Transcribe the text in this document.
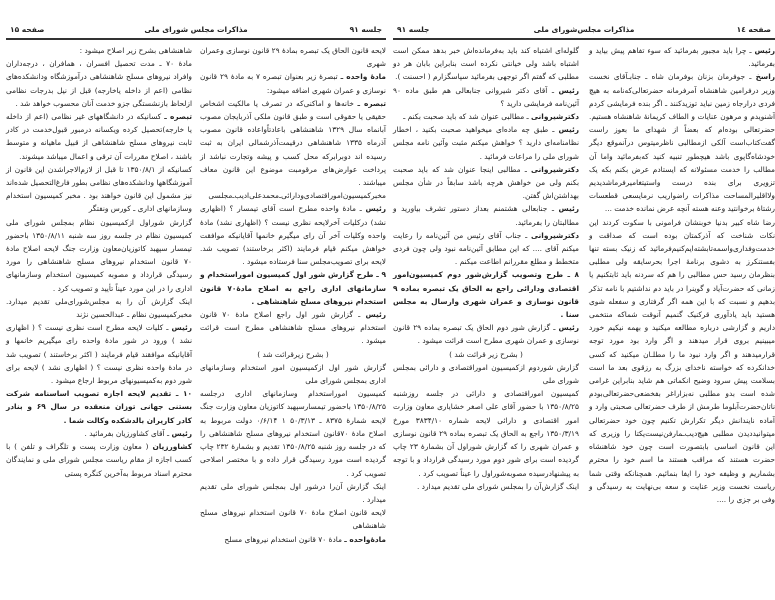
صفحه ۱٤
مذاکرات مجلس‌شورای ملی
جلسه ۹۱

رئیس ـ چرا باید مجبور بفرمائید که سوء تفاهم پیش بیاید و بفرمائید.

راسخ ـ جوفرمان بزنان بوفرمان شاه ـ جنابـآقای نخست وزیر درفرامین شاهنشاه آمرفرمانه حضرتعالی‌که‌نامه به هیچ فردی درارجاه زمین نباید توزیدکنند ـ اگر بنده فرمایشی کردم آشنویدم و مرهون عنایات و الطاف کریمانهٔ شاهنشاه هستیم. حضرتعالی بوده‌ام که بعضاً از شهدای ما بعوز راست گفت‌کتاب‌است آلکی ازمطالبی ناظرمیتوس درآنموقع دیگر خودشاه‌گاپوی باشد هیچطور تنبیه کنید که‌بفرمائید واما آن مطالب را خدمت مسئولانه که ایستادم عرض بکنم بکه یک تزویری برای بنده درست واستیتغامیرفرماشدیدیم ولااقلیرالمساحت مذاکرات راضواریب نرمایسعی قطعسات رشتاهٔ برخوانتید وعنه هسته آنچه عرض نمانده خدمت ...

رضا شاه کبیر بدنیا خوبنشان فرامونی با سکوت کردند این نکات شناخت که آذرکمتان بوده است که صداقت و خدمت‌وفداری‌واسمه‌تابشته‌ایم‌کنیم‌فرمائید که زنیک بسته تنها بفستنکرز به دشوی برنامهٔ اجرا بحرسایقه ولی مطلبی بنظرمان رسید حس مطالبی را هم که سردنه باید ثابتکنیم یا زمانی که حضرت‌آیاد و گوینرا در باید دم نداشتیم با نامه تذکر بدهیم و نسبت که با این همه اگر گرفتاری و سفعله شوی هستید باید یادآوری قرکنیک گنمیم آنوقت شماکه منتخمی داریم و گزارشی درباره مطالعه میکنید و بهمه نیکیم خورد میبینیم بروی قرار میدهند و اگر وارد بود مورد توجه قرار‌میدهند و اگر وارد نبود ما را مطلـان میکنید که کسی خدانکرده که خواسته ناخدای بزرگ به رزقوی بعد ما است بسلامت‌ پیش سرود وضیح انکماتی هم شاید بنابراین غرامی شده است بدو مطلبی نه‌بزاراغر بفخضعی‌حضرتعالی‌بودم ناتان‌حضرت‌آبلوما طرمش از طرف حضرتعالی صحبتی وارد و آماده نایندانش دیگر تکرارش تکنیم چون خود حضرتعالی میتوانیددیدن مطلبی هیچ‌دیب‌ـمارفن‌نیست‌یکتا را وزیری که این قانون اساسی بابتصورت است چون خود شاهنشاه حضرت هستند که مراقب هستند ما اسم خود را محترم بشماریم و وظیفه خود را ایفا بنمائیم. همچنانکه وقتی شما ریاست نخست وزیر عنایت و سعه بی‌نهایت به رسیدگی و وفی بر جزی را ....

گلوله‌ای اشتباه کند باید به‌فرمانده‌اش خبر بدهد ممکن است اشتباه باشد ولی خیانتی نکرده است بنابراین بابان هر دو مطلبی که گفتم اگر توجهی بفرمائید سپاسگزارم ( احسنت ).

رئیس ـ آقای دکتر شیروانی جنابعالی هم طبق ماده ۹۰ آئین‌نامه فرمایشی دارید ؟

دکترشیروانی ـ مطالبی عنوان شد که باید صحبت بکنم ـ

رئیس ـ طبق چه ماده‌ای میخواهید صحبت بکنید ، اخطار نظامنامه‌ای دارید ؟ خواهش میکنم مثبت وآئین نامه مجلس شورای ملی را مراعات فرمائید .

دکترشیروانی ـ مطالبی اینجا عنوان شد که باید صحبت بکنم ولی من خواهش هرچه باشد سابقاً در شأن مجلس بهداشتن‌اش گفتن.

رئیس ـ جنابعالی هشتمنم بعداز دستور تشرف بیاورید و مطالبتان را بفرمائید.

دکترشیروانی ـ جناب آقای رئیس من آئین‌نامه را رعایت میکنم آقای .... که این مطابق آئین‌نامه نبود ولی چون فردی متخطط و مطلع مقررانم اطاعت میکنم .

۸ ـ طرح وتصویب گزارش‌شور دوم کمیسیون‌امور اقتصادی ودارائی راجع به الحاق یک تبصره بماده ۹ قانون نوسازی و عمران شهری وارسال به مجلس سنا .

رئیس ـ گزارش شور دوم الحاق یک تبصره بماده ۲۹ قانون نوسازی و عمران شهری مطرح است قرائت میشود .

( بشرح زیر قرائت شد )

گزارش شوردوم ازکمیسیون اموراقتصادی و دارائی بمجلس شورای ملی

کمیسیون اموراقتصادی و دارائی در جلسه روزشنبه ۱۳۵۰/۸/۲۵ با حضور آقای علی اصغر خشایاری معاون وزارت امور اقتصادی و دارائی لایحه شماره ۳۸۳۴/۱۰ مورخ ۱۳۵۰/۳/۱۹ راجع به الحاق یک تبصره بماده ۲۹ قانون نوسازی و عمران شهری را که گزارش شوراول آن بشمارهٔ ۲۳ چاپ گردیده است برای شور دوم مورد رسیدگی قرارداد و با توجه به پیشنهادرسیده مصوبه‌شوراول را عیناً تصویب کرد .

اینک گزارش‌آن را بمجلس شورای ملی تقدیم میدارد .

جلسه ۹۱
مذاکرات مجلس شورای ملی
صفحه ۱۵

لایحه قانون الحاق یک تبصره بمادهٔ ۲۹ قانون نوسازی وعمران شهری

مادهٔ واحده ـ تبصرهٔ زیر بعنوان تبصره ۷ به مادهٔ ۲۹ قانون نوسازی و عمران شهری اضافه میشود:

تبصره ـ خانه‌ها و اماکنی‌که در تصرف یا مالکیت اشخاص حقیقی یا حقوقی است و طبق قانون ملکی آذربایجان مصوب آبانماه سال ۱۳۲۹ شاهنشاهی باعادتاًواعاده قانون مصوب آذرماه ۱۳۳۵ شاهنشاهی درقیمت‌آذرشمالی ایران به ثبت رسیده اند دوبرابرکه محل کسب و پیشه وتجارت نباشد از پرداخت عوارض‌های مرقومبت موضوع این قانون معاف میباشند .

مخبرکمیسیون‌اموراقتصادی‌و‌دارائی‌ـ‌محمدعلی‌ادیب‌ـ‌مجلسی

رئیس ـ مادهٔ واحده مطرح است آقای تیمسار ؟ (اظهاری نشد) درکلیات آخرلایحه نظری نیست ؟ (اظهاری نشد) مادهٔ واحده وکلیات آخر آن رای میگیرم خانمها آقایانیکه موافقت خواهش میکنم قیام فرمایند (اکثر برخاستند) تصویب شد. لایحه برای تصویب‌مجلس سنا فرستاده میشود .

۹ ـ طرح گزارش شور اول کمیسیون اموراستخدام و سازمانهای اداری راجع به اصلاح مادهٔ‌۷۰ قانون استخدام نیروهای مسلح شاهنشاهی .

رئیس ـ گزارش شور اول راجع اصلاح مادهٔ ۷۰ قانون استخدام نیروهای مسلح شاهنشاهی مطرح است قرائت میشود .

( بشرح زیرقرائت شد )

گزارش شور اول ازکمیسیون امور استخدام وسازمانهای اداری بمجلس شورای ملی

کمیسیون اموراستخدام وسازمانهای اداری درجلسه ۱۳۵۰/۸/۲۵ باحضور تیمسارسپهبد کاتوزیان معاون وزارت جنگ لایحه شمارهٔ ۸۳۷۵ ـ ۵۰/۳/۱۳ ۱ ۰/۶/۱۴ دولت مربوط به اصلاح مادهٔ ۷۰‌قانون استخدام نیروهای مسلح شاهنشاهی را که در جلسه روز شنبه ۱۳۵۰/۸/۲۵ تقدیم و بشمارهٔ ۲۳۲ چاپ گردیده است مورد رسیدگی قرار داده و با مختصر اصلاحی تصویب کرد .

اینک گزارش آن‌را درشور اول بمجلس شورای ملی تقدیم میدارد .

لایحه قانون اصلاح مادهٔ ۷۰ قانون استخدام نیروهای مسلح شاهنشاهی

مادهٔ‌واحده ـ مادهٔ ۷۰ قانون استخدام نیروهای مسلح

شاهنشاهی بشرح زیر اصلاح میشود :

مادهٔ ۷۰ ـ مدت تحصیل افسران ، همافران ، درجه‌داران وافراد نیروهای مسلح شاهنشاهی درآموزشگاه ودانشکده‌های نظامی (اعم از داخله یاخارجه) قبل از نیل بدرجات نظامی ازلحاظ بازنشستگی جزو خدمت آنان محسوب خواهد شد .

تبصره ـ کسانیکه در دانشگاههای غیر نظامی (اعم از داخله یا خارجه)تحصیل کرده ویکسانه درمبور قبول‌خدمت در کادر ثابت نیروهای مسلح شاهنشاهی از قبیل ماهیانه و متوسط باشند ، اصلاح مقررات آن ترقی و اعمال میباشد میشوند.

کسانیکه از ۱۳۵۰/۸/۱ تا قبل از لازم‌الاجراشدن این قانون از آموزشگاهها ودانشکده‌های نظامی بطور فارغ‌التحصیل شده‌اند نیز مشمول این قانون خواهند بود . مخبر کمیسیون استخدام وسازمانهای اداری ـ کورس ونفتگر

گزارش شوراول ازکمیسیون نظام بمجلس شورای ملی کمیسیون نظام در جلسه روز سه شنبه ۱۳۵۰/۸/۱۱ باحضور تیمسار سپهبد کاتوزیان‌معاون وزارت جنگ لایحه اصلاح مادهٔ ۷۰ قانون استخدام نیروهای مسلح شاهنشاهی را مورد رسیدگی قرارداد و مصوبه کمیسیون استخدام وسازمانهای اداری را در این مورد عیناً تأیید و تصویب کرد .

اینک گزارش آن را به مجلس‌شورای‌ملی تقدیم میدارد. مخبرکمیسیون نظام ـ عبدالحسین نژند

رئیس ـ کلیات لایحه مطرح است نظری نیست ؟ ( اظهاری نشد ) ورود در شور مادهٔ واحده رای میگیریم خانمها و آقایانیکه موافقند قیام فرمایند ( اکثر برخاستند ) تصویب شد در مادهٔ واحده نظری نیست ؟ ( اظهاری نشد ) لایحه برای شور دوم به‌کمیسیونهای مربوط ارجاع میشود .

۱۰ ـ تقدیم لایحه اجازه تصویب اساسنامه شرکت بستنی جهانی توزان منعقده در سال ۶۹ و بنادر کادر کاریران بالدشکده وکالت شما .

رئیس ـ آقای کشاورزیان بفرمائید .

کشاورزیان ( معاون وزارت پست و تلگراف و تلفن ) با کسب اجازه از مقام ریاست مجلس شورای ملی و نمایندگان محترم اسناد مربوط به‌آخرین کنگره پستی
